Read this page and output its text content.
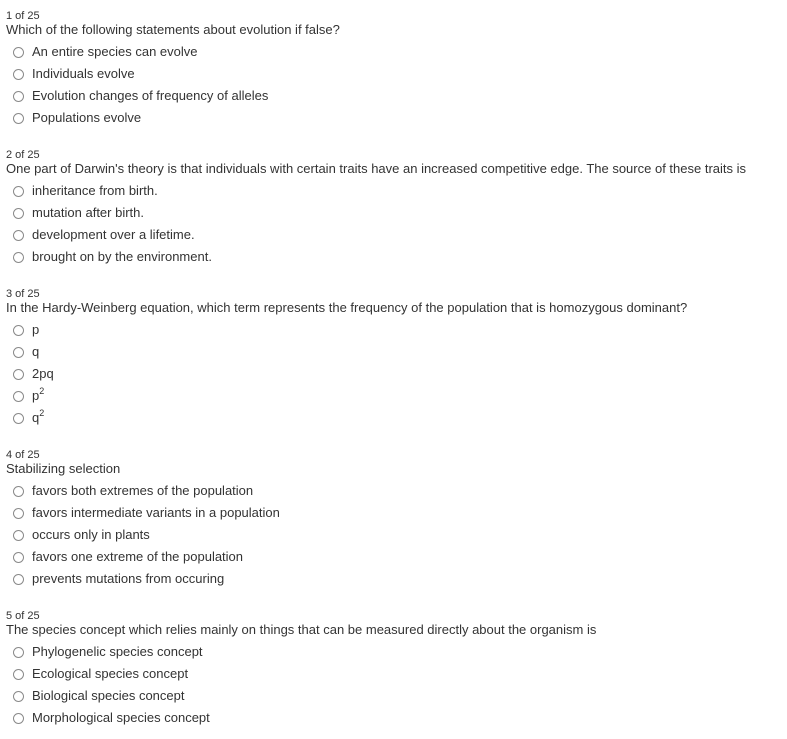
1 of 25
Which of the following statements about evolution if false?
An entire species can evolve
Individuals evolve
Evolution changes of frequency of alleles
Populations evolve
2 of 25
One part of Darwin's theory is that individuals with certain traits have an increased competitive edge. The source of these traits is
inheritance from birth.
mutation after birth.
development over a lifetime.
brought on by the environment.
3 of 25
In the Hardy-Weinberg equation, which term represents the frequency of the population that is homozygous dominant?
p
q
2pq
$p^2$
$q^2$
4 of 25
Stabilizing selection
favors both extremes of the population
favors intermediate variants in a population
occurs only in plants
favors one extreme of the population
prevents mutations from occuring
5 of 25
The species concept which relies mainly on things that can be measured directly about the organism is
Phylogenelic species concept
Ecological species concept
Biological species concept
Morphological species concept
